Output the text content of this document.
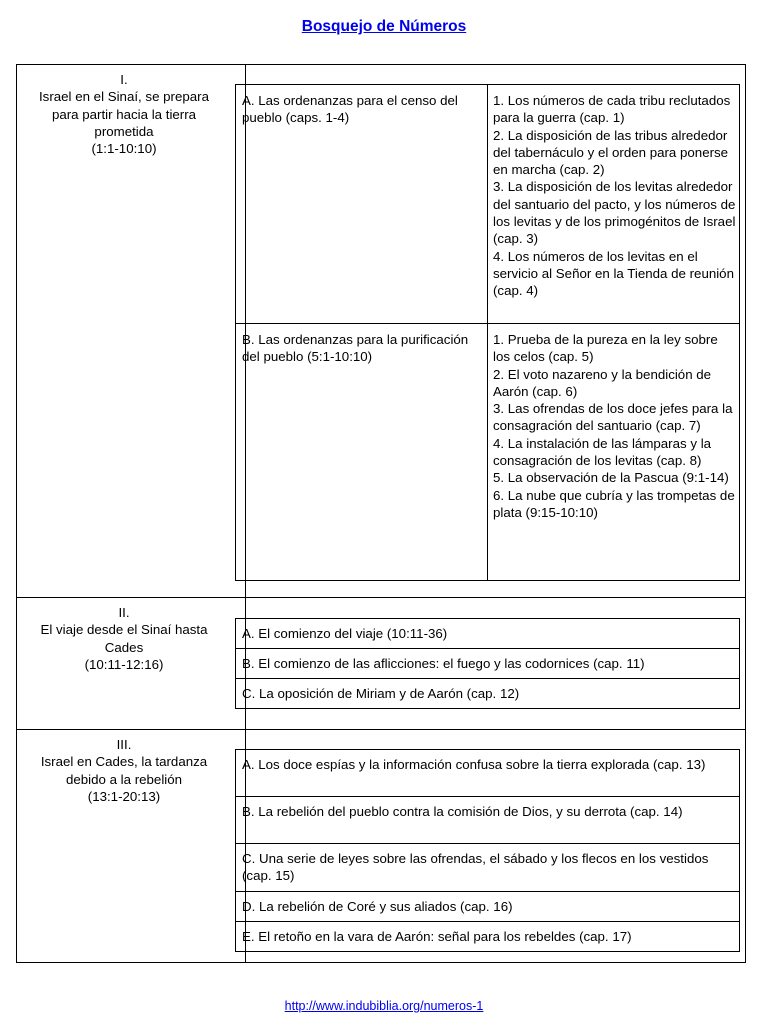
Bosquejo de Números
I.
Israel en el Sinaí, se prepara
para partir hacia la tierra
prometida
(1:1-10:10)
A. Las ordenanzas para el censo del pueblo (caps. 1-4)
1. Los números de cada tribu reclutados para la guerra (cap. 1)
2. La disposición de las tribus alrededor del tabernáculo y el orden para ponerse en marcha (cap. 2)
3. La disposición de los levitas alrededor del santuario del pacto, y los números de los levitas y de los primogénitos de Israel (cap. 3)
4. Los números de los levitas en el servicio al Señor en la Tienda de reunión (cap. 4)
B. Las ordenanzas para la purificación del pueblo (5:1-10:10)
1. Prueba de la pureza en la ley sobre los celos (cap. 5)
2. El voto nazareno y la bendición de Aarón (cap. 6)
3. Las ofrendas de los doce jefes para la consagración del santuario (cap. 7)
4. La instalación de las lámparas y la consagración de los levitas (cap. 8)
5. La observación de la Pascua (9:1-14)
6. La nube que cubría y las trompetas de plata (9:15-10:10)
II.
El viaje desde el Sinaí hasta
Cades
(10:11-12:16)
A. El comienzo del viaje (10:11-36)
B. El comienzo de las aflicciones: el fuego y las codornices (cap. 11)
C. La oposición de Miriam y de Aarón (cap. 12)
III.
Israel en Cades, la tardanza
debido a la rebelión
(13:1-20:13)
A. Los doce espías y la información confusa sobre la tierra explorada (cap. 13)
B. La rebelión del pueblo contra la comisión de Dios, y su derrota (cap. 14)
C. Una serie de leyes sobre las ofrendas, el sábado y los flecos en los vestidos (cap. 15)
D. La rebelión de Coré y sus aliados (cap. 16)
E. El retoño en la vara de Aarón: señal para los rebeldes (cap. 17)
http://www.indubiblia.org/numeros-1
